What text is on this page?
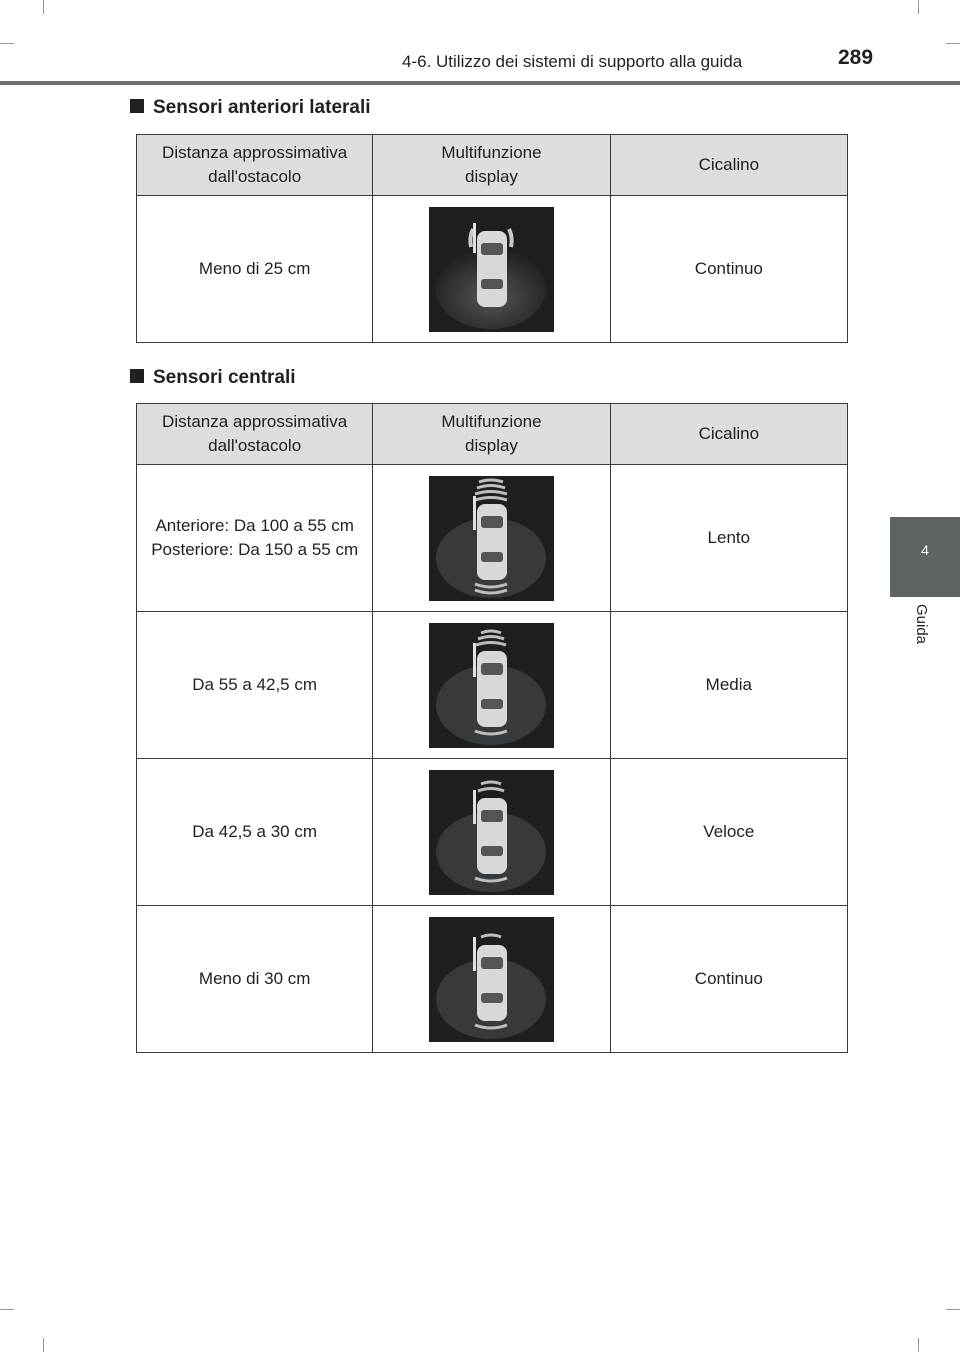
4-6. Utilizzo dei sistemi di supporto alla guida	289
4
Guida
Sensori anteriori laterali
Distanza approssimativa dall'ostacolo	Multifunzione display	Cicalino
Meno di 25 cm		Continuo
Sensori centrali
Distanza approssimativa dall'ostacolo	Multifunzione display	Cicalino

Anteriore: Da 100 a 55 cm
Posteriore: Da 150 a 55 cm		Lento
Da 55 a 42,5 cm		Media
Da 42,5 a 30 cm		Veloce
Meno di 30 cm		Continuo
